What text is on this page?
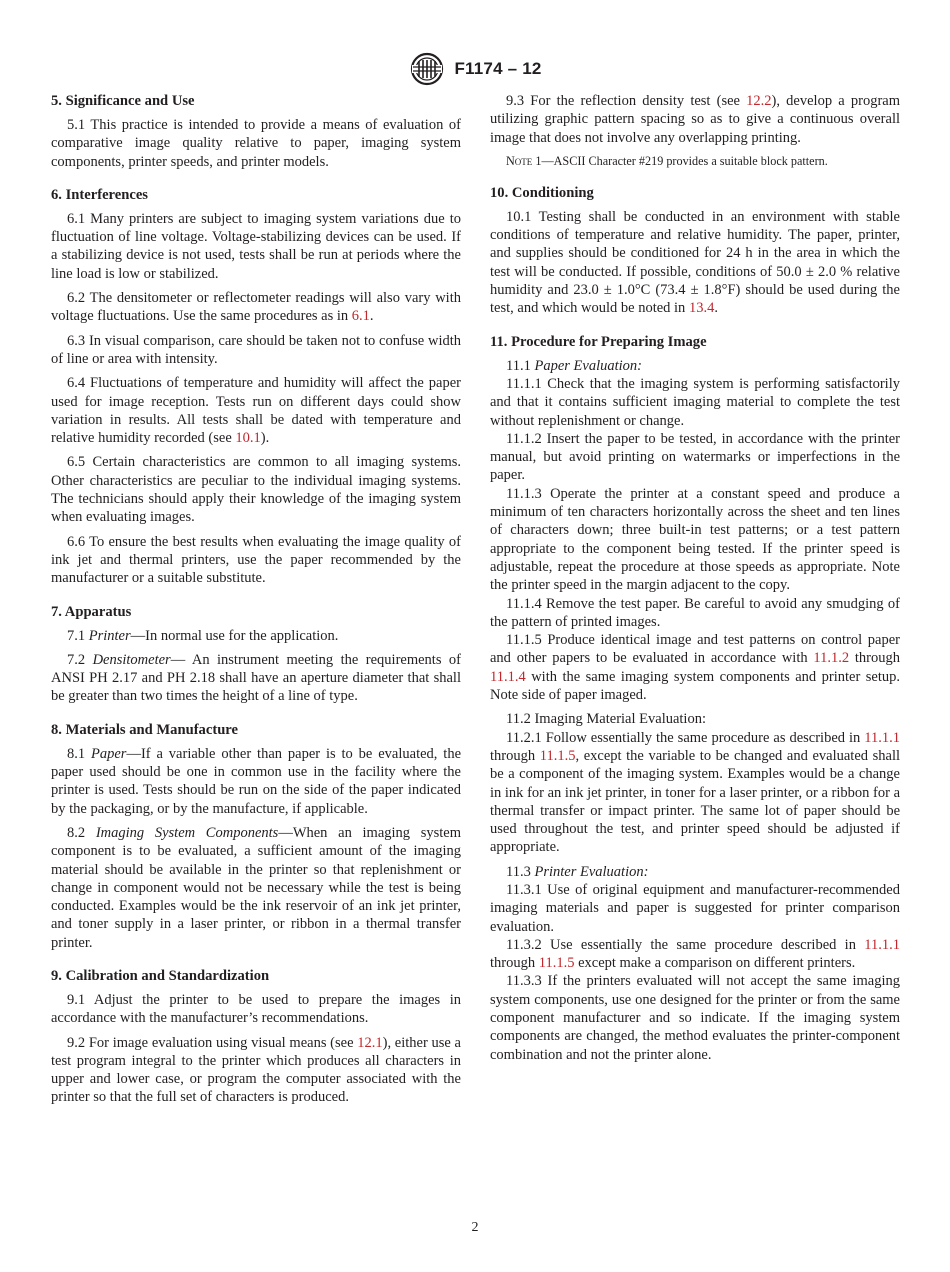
F1174 – 12
5. Significance and Use

5.1 This practice is intended to provide a means of evaluation of comparative image quality relative to paper, imaging system components, printer speeds, and printer models.

6. Interferences

6.1 Many printers are subject to imaging system variations due to fluctuation of line voltage. Voltage-stabilizing devices can be used. If a stabilizing device is not used, tests shall be run at periods where the line load is low or stabilized.

6.2 The densitometer or reflectometer readings will also vary with voltage fluctuations. Use the same procedures as in 6.1.

6.3 In visual comparison, care should be taken not to confuse width of line or area with intensity.

6.4 Fluctuations of temperature and humidity will affect the paper used for image reception. Tests run on different days could show variation in results. All tests shall be dated with temperature and relative humidity recorded (see 10.1).

6.5 Certain characteristics are common to all imaging systems. Other characteristics are peculiar to the individual imaging systems. The technicians should apply their knowledge of the imaging system when evaluating images.

6.6 To ensure the best results when evaluating the image quality of ink jet and thermal printers, use the paper recommended by the manufacturer or a suitable substitute.

7. Apparatus

7.1 Printer—In normal use for the application.

7.2 Densitometer— An instrument meeting the requirements of ANSI PH 2.17 and PH 2.18 shall have an aperture diameter that shall be greater than two times the height of a line of type.

8. Materials and Manufacture

8.1 Paper—If a variable other than paper is to be evaluated, the paper used should be one in common use in the facility where the printer is used. Tests should be run on the side of the paper indicated by the packaging, or by the manufacture, if applicable.

8.2 Imaging System Components—When an imaging system component is to be evaluated, a sufficient amount of the imaging material should be available in the printer so that replenishment or change in component would not be necessary while the test is being conducted. Examples would be the ink reservoir of an ink jet printer, and toner supply in a laser printer, or ribbon in a thermal transfer printer.

9. Calibration and Standardization

9.1 Adjust the printer to be used to prepare the images in accordance with the manufacturer’s recommendations.

9.2 For image evaluation using visual means (see 12.1), either use a test program integral to the printer which produces all characters in upper and lower case, or program the computer associated with the printer so that the full set of characters is produced.

9.3 For the reflection density test (see 12.2), develop a program utilizing graphic pattern spacing so as to give a continuous overall image that does not involve any overlapping printing.

Note 1—ASCII Character #219 provides a suitable block pattern.

10. Conditioning

10.1 Testing shall be conducted in an environment with stable conditions of temperature and relative humidity. The paper, printer, and supplies should be conditioned for 24 h in the area in which the test will be conducted. If possible, conditions of 50.0 ± 2.0 % relative humidity and 23.0 ± 1.0°C (73.4 ± 1.8°F) should be used during the test, and which would be noted in 13.4.

11. Procedure for Preparing Image

11.1 Paper Evaluation:

11.1.1 Check that the imaging system is performing satisfactorily and that it contains sufficient imaging material to complete the test without replenishment or change.

11.1.2 Insert the paper to be tested, in accordance with the printer manual, but avoid printing on watermarks or imperfections in the paper.

11.1.3 Operate the printer at a constant speed and produce a minimum of ten characters horizontally across the sheet and ten lines of characters down; three built-in test patterns; or a test pattern appropriate to the component being tested. If the printer speed is adjustable, repeat the procedure at those speeds as appropriate. Note the printer speed in the margin adjacent to the copy.

11.1.4 Remove the test paper. Be careful to avoid any smudging of the pattern of printed images.

11.1.5 Produce identical image and test patterns on control paper and other papers to be evaluated in accordance with 11.1.2 through 11.1.4 with the same imaging system components and printer setup. Note side of paper imaged.

11.2 Imaging Material Evaluation:

11.2.1 Follow essentially the same procedure as described in 11.1.1 through 11.1.5, except the variable to be changed and evaluated shall be a component of the imaging system. Examples would be a change in ink for an ink jet printer, in toner for a laser printer, or a ribbon for a thermal transfer or impact printer. The same lot of paper should be used throughout the test, and printer speed should be adjusted if appropriate.

11.3 Printer Evaluation:

11.3.1 Use of original equipment and manufacturer-recommended imaging materials and paper is suggested for printer comparison evaluation.

11.3.2 Use essentially the same procedure described in 11.1.1 through 11.1.5 except make a comparison on different printers.

11.3.3 If the printers evaluated will not accept the same imaging system components, use one designed for the printer or from the same component manufacturer and so indicate. If the imaging system components are changed, the method evaluates the printer-component combination and not the printer alone.

2
